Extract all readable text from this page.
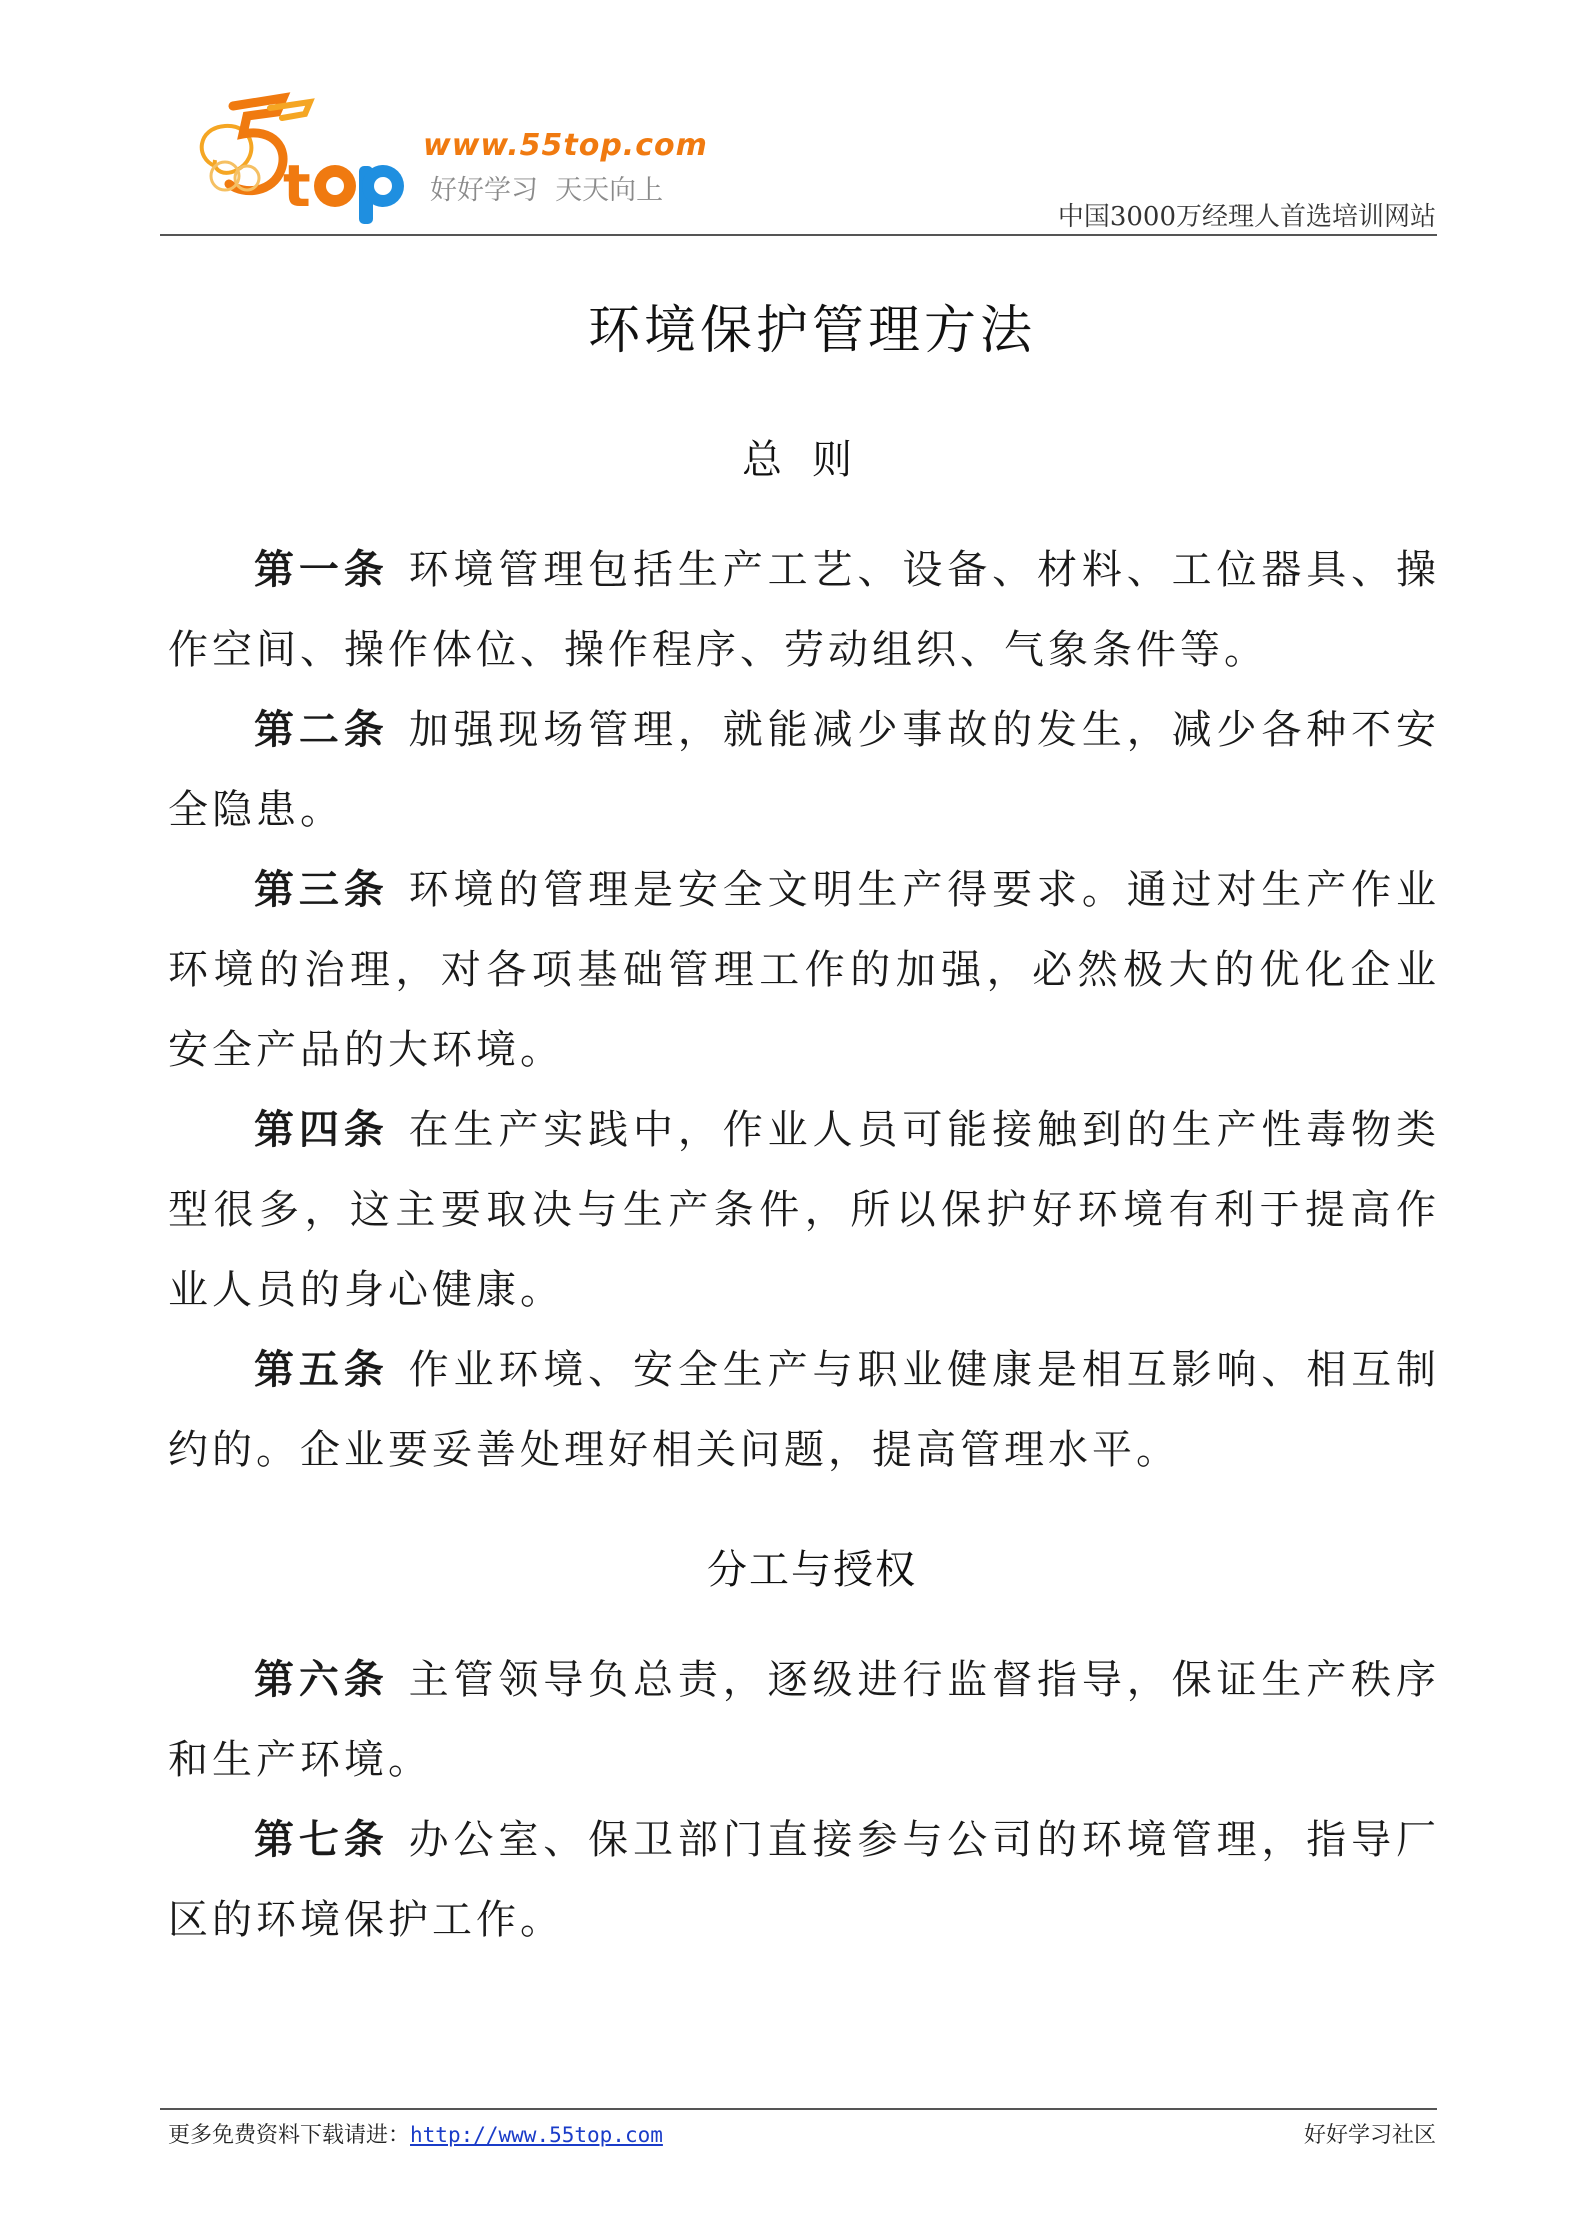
t
www.55top.com
好好学习  天天向上
中国3000万经理人首选培训网站
环境保护管理方法
总则

第一条 环境管理包括生产工艺、设备、材料、工位器具、操作空间、操作体位、操作程序、劳动组织、气象条件等。

第二条 加强现场管理，就能减少事故的发生，减少各种不安全隐患。

第三条 环境的管理是安全文明生产得要求。通过对生产作业环境的治理，对各项基础管理工作的加强，必然极大的优化企业安全产品的大环境。

第四条 在生产实践中，作业人员可能接触到的生产性毒物类型很多，这主要取决与生产条件，所以保护好环境有利于提高作业人员的身心健康。

第五条 作业环境、安全生产与职业健康是相互影响、相互制约的。企业要妥善处理好相关问题，提高管理水平。

分工与授权

第六条 主管领导负总责，逐级进行监督指导，保证生产秩序和生产环境。

第七条 办公室、保卫部门直接参与公司的环境管理，指导厂区的环境保护工作。

更多免费资料下载请进：http://www.55top.com	好好学习社区
